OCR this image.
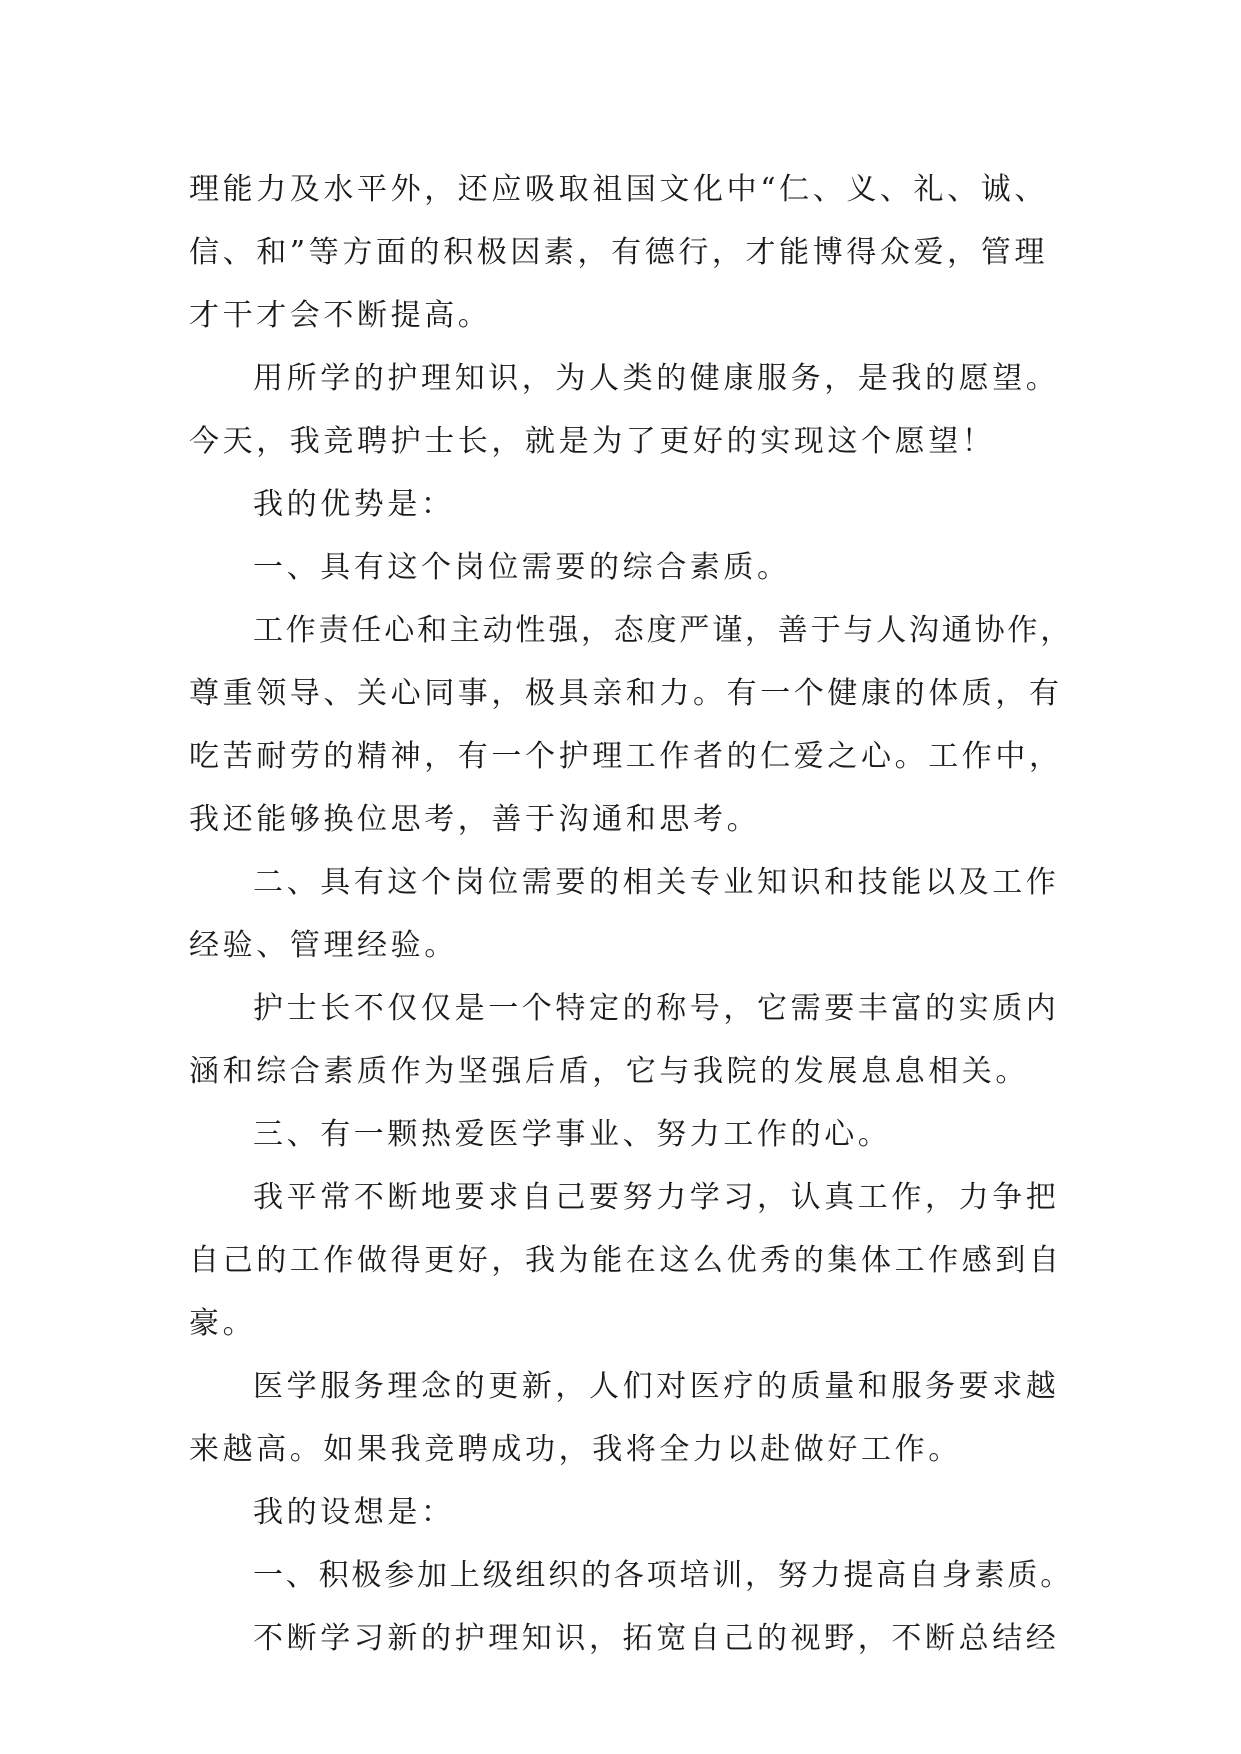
理能力及水平外，还应吸取祖国文化中“仁、义、礼、诚、
信、和”等方面的积极因素，有德行，才能博得众爱，管理
才干才会不断提高。
用所学的护理知识，为人类的健康服务，是我的愿望。
今天，我竞聘护士长，就是为了更好的实现这个愿望！
我的优势是：
一、具有这个岗位需要的综合素质。
工作责任心和主动性强，态度严谨，善于与人沟通协作，
尊重领导、关心同事，极具亲和力。有一个健康的体质，有
吃苦耐劳的精神，有一个护理工作者的仁爱之心。工作中，
我还能够换位思考，善于沟通和思考。
二、具有这个岗位需要的相关专业知识和技能以及工作
经验、管理经验。
护士长不仅仅是一个特定的称号，它需要丰富的实质内
涵和综合素质作为坚强后盾，它与我院的发展息息相关。
三、有一颗热爱医学事业、努力工作的心。
我平常不断地要求自己要努力学习，认真工作，力争把
自己的工作做得更好，我为能在这么优秀的集体工作感到自
豪。
医学服务理念的更新，人们对医疗的质量和服务要求越
来越高。如果我竞聘成功，我将全力以赴做好工作。
我的设想是：
一、积极参加上级组织的各项培训，努力提高自身素质。
不断学习新的护理知识，拓宽自己的视野，不断总结经
